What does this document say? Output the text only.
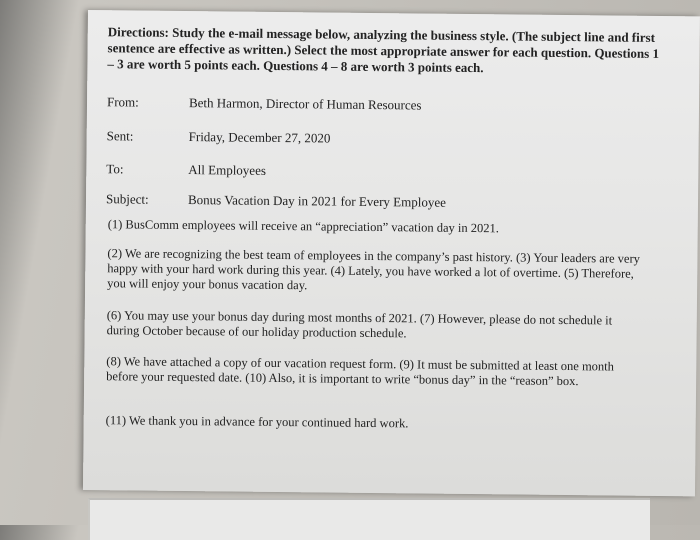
Directions: Study the e-mail message below, analyzing the business style. (The subject line and first sentence are effective as written.) Select the most appropriate answer for each question. Questions 1 – 3 are worth 5 points each. Questions 4 – 8 are worth 3 points each.

From:	Beth Harmon, Director of Human Resources
Sent:	Friday, December 27, 2020
To:	All Employees
Subject:	Bonus Vacation Day in 2021 for Every Employee

(1) BusComm employees will receive an “appreciation” vacation day in 2021.

(2) We are recognizing the best team of employees in the company’s past history. (3) Your leaders are very happy with your hard work during this year. (4) Lately, you have worked a lot of overtime. (5) Therefore, you will enjoy your bonus vacation day.

(6) You may use your bonus day during most months of 2021. (7) However, please do not schedule it during October because of our holiday production schedule.

(8) We have attached a copy of our vacation request form. (9) It must be submitted at least one month before your requested date. (10) Also, it is important to write “bonus day” in the “reason” box.

(11) We thank you in advance for your continued hard work.
